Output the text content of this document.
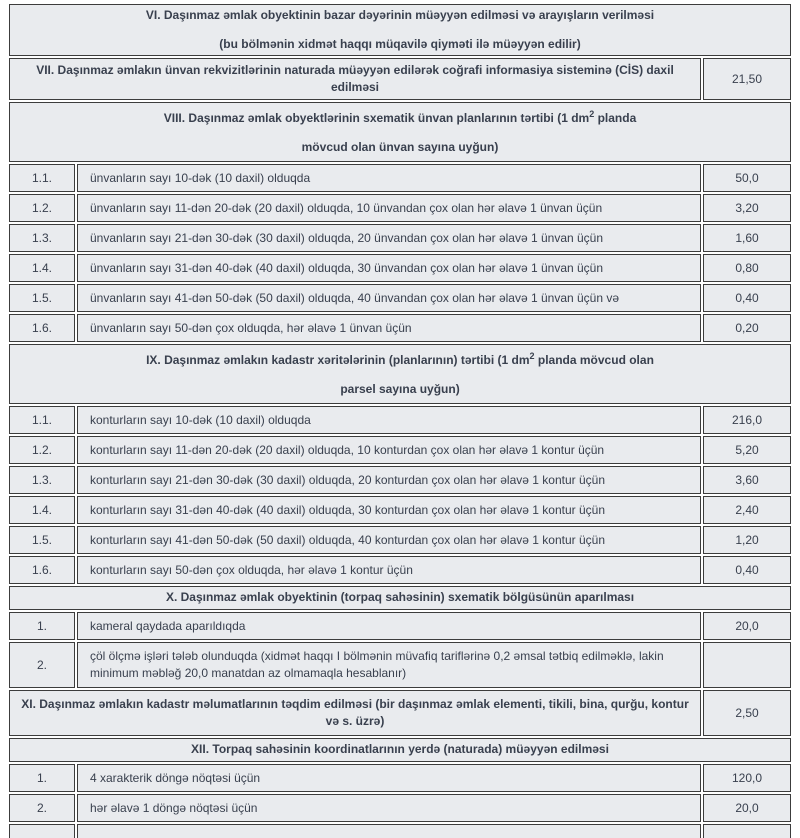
VI. Daşınmaz əmlak obyektinin bazar dəyərinin müəyyən edilməsi və arayışların verilməsi
(bu bölmənin xidmət haqqı müqavilə qiyməti ilə müəyyən edilir)		

VII. Daşınmaz əmlakın ünvan rekvizitlərinin naturada müəyyən edilərək coğrafi informasiya sisteminə (CİS) daxil edilməsi		21,50

VIII. Daşınmaz əmlak obyektlərinin sxematik ünvan planlarının tərtibi (1 $dm^2$ planda
mövcud olan ünvan sayına uyğun)		

1.1.	ünvanların sayı 10-dək (10 daxil) olduqda	50,0
1.2.	ünvanların sayı 11-dən 20-dək (20 daxil) olduqda, 10 ünvandan çox olan hər əlavə 1 ünvan üçün	3,20
1.3.	ünvanların sayı 21-dən 30-dək (30 daxil) olduqda, 20 ünvandan çox olan hər əlavə 1 ünvan üçün	1,60
1.4.	ünvanların sayı 31-dən 40-dək (40 daxil) olduqda, 30 ünvandan çox olan hər əlavə 1 ünvan üçün	0,80
1.5.	ünvanların sayı 41-dən 50-dək (50 daxil) olduqda, 40 ünvandan çox olan hər əlavə 1 ünvan üçün və	0,40
1.6.	ünvanların sayı 50-dən çox olduqda, hər əlavə 1 ünvan üçün	0,20

IX. Daşınmaz əmlakın kadastr xəritələrinin (planlarının) tərtibi (1 $dm^2$ planda mövcud olan
parsel sayına uyğun)		

1.1.	konturların sayı 10-dək (10 daxil) olduqda	216,0
1.2.	konturların sayı 11-dən 20-dək (20 daxil) olduqda, 10 konturdan çox olan hər əlavə 1 kontur üçün	5,20
1.3.	konturların sayı 21-dən 30-dək (30 daxil) olduqda, 20 konturdan çox olan hər əlavə 1 kontur üçün	3,60
1.4.	konturların sayı 31-dən 40-dək (40 daxil) olduqda, 30 konturdan çox olan hər əlavə 1 kontur üçün	2,40
1.5.	konturların sayı 41-dən 50-dək (50 daxil) olduqda, 40 konturdan çox olan hər əlavə 1 kontur üçün	1,20
1.6.	konturların sayı 50-dən çox olduqda, hər əlavə 1 kontur üçün	0,40
X. Daşınmaz əmlak obyektinin (torpaq sahəsinin) sxematik bölgüsünün aparılması		
1.	kameral qaydada aparıldıqda	20,0
2.	çöl ölçmə işləri tələb olunduqda (xidmət haqqı I bölmənin müvafiq tariflərinə 0,2 əmsal tətbiq edilməklə, lakin minimum məbləğ 20,0 manatdan az olmamaqla hesablanır)	
XI. Daşınmaz əmlakın kadastr məlumatlarının təqdim edilməsi (bir daşınmaz əmlak elementi, tikili, bina, qurğu, kontur və s. üzrə)		2,50
XII. Torpaq sahəsinin koordinatlarının yerdə (naturada) müəyyən edilməsi		
1.	4 xarakterik döngə nöqtəsi üçün	120,0
2.	hər əlavə 1 döngə nöqtəsi üçün	20,0
